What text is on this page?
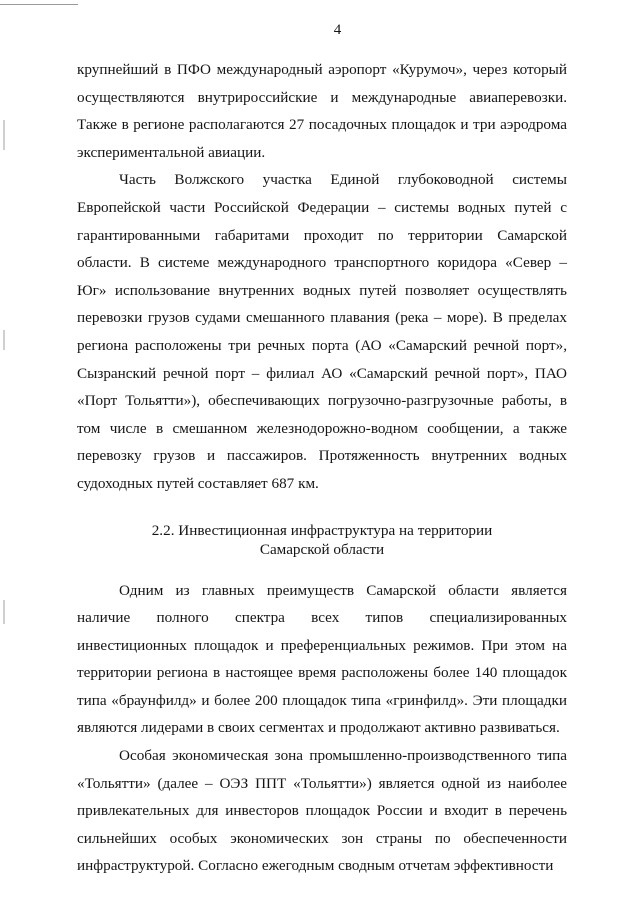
4

крупнейший в ПФО международный аэропорт «Курумоч», через который осуществляются внутрироссийские и международные авиаперевозки. Также в регионе располагаются 27 посадочных площадок и три аэродрома экспериментальной авиации.

Часть Волжского участка Единой глубоководной системы Европейской части Российской Федерации – системы водных путей с гарантированными габаритами проходит по территории Самарской области. В системе международного транспортного коридора «Север – Юг» использование внутренних водных путей позволяет осуществлять перевозки грузов судами смешанного плавания (река – море). В пределах региона расположены три речных порта (АО «Самарский речной порт», Сызранский речной порт – филиал АО «Самарский речной порт», ПАО «Порт Тольятти»), обеспечивающих погрузочно-разгрузочные работы, в том числе в смешанном железнодорожно-водном сообщении, а также перевозку грузов и пассажиров. Протяженность внутренних водных судоходных путей составляет 687 км.

2.2. Инвестиционная инфраструктура на территории
Самарской области

Одним из главных преимуществ Самарской области является наличие полного спектра всех типов специализированных инвестиционных площадок и преференциальных режимов. При этом на территории региона в настоящее время расположены более 140 площадок типа «браунфилд» и более 200 площадок типа «гринфилд». Эти площадки являются лидерами в своих сегментах и продолжают активно развиваться.

Особая экономическая зона промышленно-производственного типа «Тольятти» (далее – ОЭЗ ППТ «Тольятти») является одной из наиболее привлекательных для инвесторов площадок России и входит в перечень сильнейших особых экономических зон страны по обеспеченности инфраструктурой. Согласно ежегодным сводным отчетам эффективности
